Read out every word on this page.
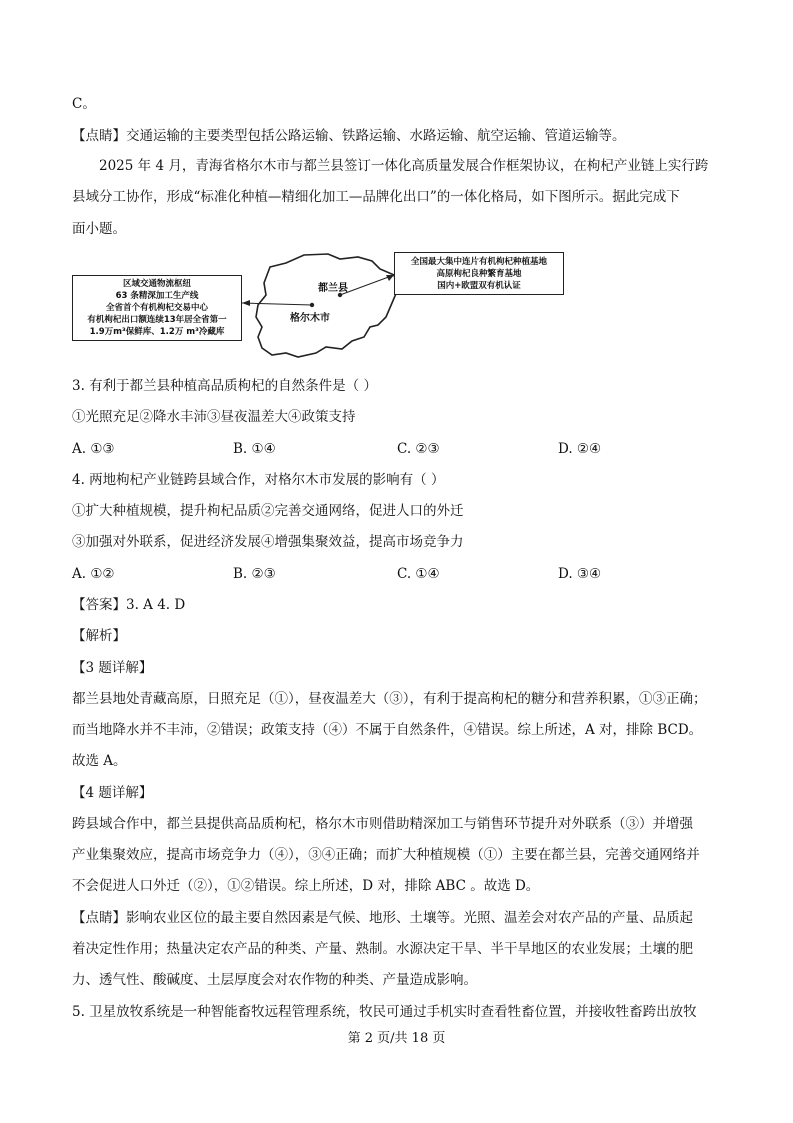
C。
【点睛】交通运输的主要类型包括公路运输、铁路运输、水路运输、航空运输、管道运输等。
2025 年 4 月，青海省格尔木市与都兰县签订一体化高质量发展合作框架协议，在枸杞产业链上实行跨
县域分工协作，形成“标准化种植—精细化加工—品牌化出口”的一体化格局，如下图所示。据此完成下
面小题。
都兰县
格尔木市
区域交通物流枢纽
63 条精深加工生产线
全省首个有机枸杞交易中心
有机枸杞出口额连续13年居全省第一
1.9万m³保鲜库、1.2万 m³冷藏库
全国最大集中连片有机枸杞种植基地
高原枸杞良种繁育基地
国内+欧盟双有机认证
3. 有利于都兰县种植高品质枸杞的自然条件是（ ）
①光照充足②降水丰沛③昼夜温差大④政策支持
A. ①③	B. ①④	C. ②③	D. ②④
4. 两地枸杞产业链跨县域合作，对格尔木市发展的影响有（ ）
①扩大种植规模，提升枸杞品质②完善交通网络，促进人口的外迁
③加强对外联系，促进经济发展④增强集聚效益，提高市场竞争力
A. ①②	B. ②③	C. ①④	D. ③④
【答案】3. A 4. D
【解析】
【3 题详解】
都兰县地处青藏高原，日照充足（①），昼夜温差大（③），有利于提高枸杞的糖分和营养积累，①③正确；
而当地降水并不丰沛，②错误；政策支持（④）不属于自然条件，④错误。综上所述，A 对，排除 BCD。
故选 A。
【4 题详解】
跨县域合作中，都兰县提供高品质枸杞，格尔木市则借助精深加工与销售环节提升对外联系（③）并增强
产业集聚效应，提高市场竞争力（④），③④正确；而扩大种植规模（①）主要在都兰县，完善交通网络并
不会促进人口外迁（②），①②错误。综上所述，D 对，排除 ABC 。故选 D。
【点睛】影响农业区位的最主要自然因素是气候、地形、土壤等。光照、温差会对农产品的产量、品质起
着决定性作用；热量决定农产品的种类、产量、熟制。水源决定干旱、半干旱地区的农业发展；土壤的肥
力、透气性、酸碱度、土层厚度会对农作物的种类、产量造成影响。
5. 卫星放牧系统是一种智能畜牧远程管理系统，牧民可通过手机实时查看牲畜位置，并接收牲畜跨出放牧
第 2 页/共 18 页
